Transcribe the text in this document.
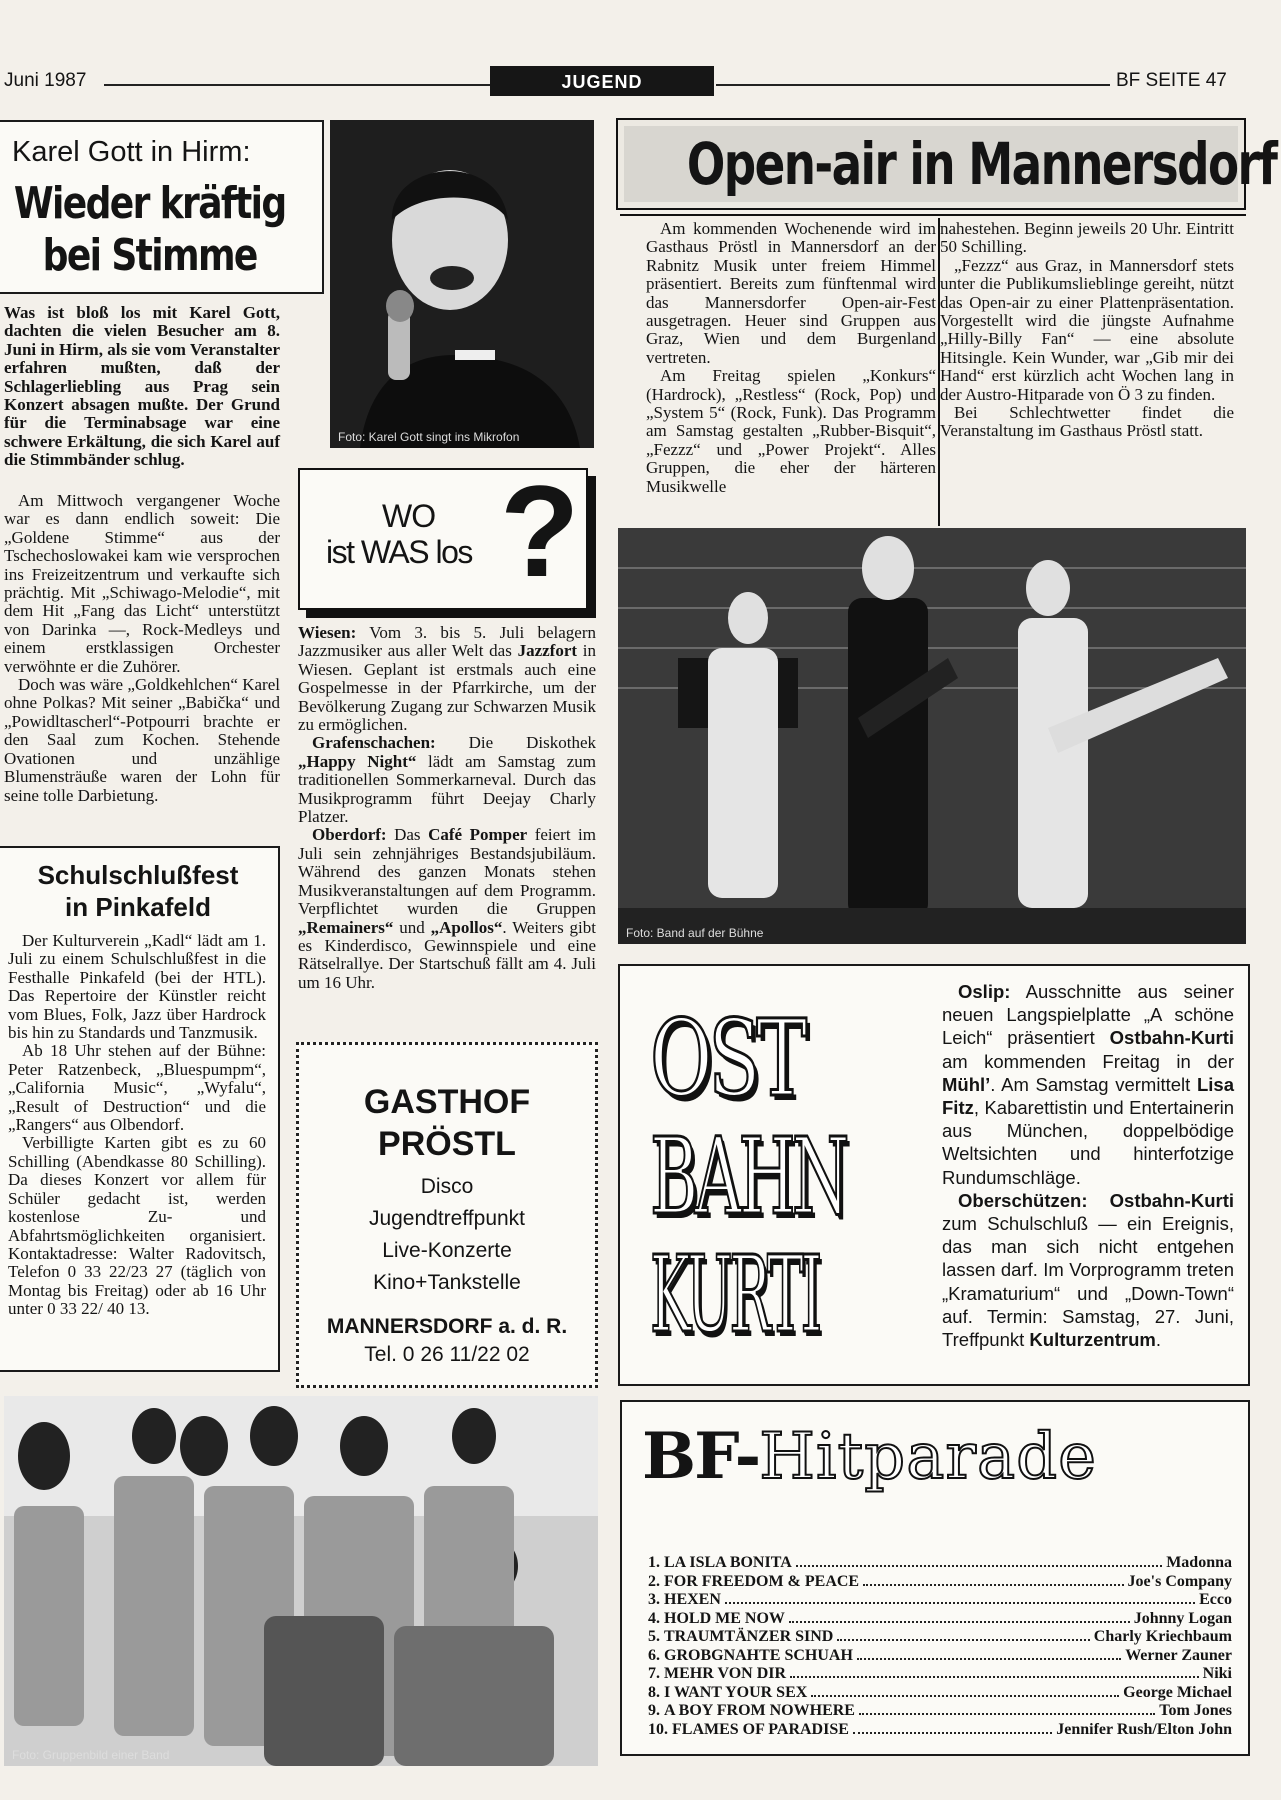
Juni 1987	JUGEND	BF SEITE 47
Karel Gott in Hirm:
Wieder kräftig bei Stimme
Foto: Karel Gott singt ins Mikrofon
Was ist bloß los mit Karel Gott, dachten die vielen Besucher am 8. Juni in Hirm, als sie vom Veranstalter erfahren mußten, daß der Schlagerliebling aus Prag sein Konzert absagen mußte. Der Grund für die Terminabsage war eine schwere Erkältung, die sich Karel auf die Stimmbänder schlug.

Am Mittwoch vergangener Woche war es dann endlich soweit: Die „Goldene Stimme“ aus der Tschechoslowakei kam wie versprochen ins Freizeitzentrum und verkaufte sich prächtig. Mit „Schiwago-Melodie“, mit dem Hit „Fang das Licht“ unterstützt von Darinka —, Rock-Medleys und einem erstklassigen Orchester verwöhnte er die Zuhörer.

Doch was wäre „Goldkehlchen“ Karel ohne Polkas? Mit seiner „Babička“ und „Powidltascherl“-Potpourri brachte er den Saal zum Kochen. Stehende Ovationen und unzählige Blumensträuße waren der Lohn für seine tolle Darbietung.

WO
ist WAS los ?

Wiesen: Vom 3. bis 5. Juli belagern Jazzmusiker aus aller Welt das Jazzfort in Wiesen. Geplant ist erstmals auch eine Gospelmesse in der Pfarrkirche, um der Bevölkerung Zugang zur Schwarzen Musik zu ermöglichen.

Grafenschachen: Die Diskothek „Happy Night“ lädt am Samstag zum traditionellen Sommerkarneval. Durch das Musikprogramm führt Deejay Charly Platzer.

Oberdorf: Das Café Pomper feiert im Juli sein zehnjähriges Bestandsjubiläum. Während des ganzen Monats stehen Musikveranstaltungen auf dem Programm. Verpflichtet wurden die Gruppen „Remainers“ und „Apollos“. Weiters gibt es Kinderdisco, Gewinnspiele und eine Rätselrallye. Der Startschuß fällt am 4. Juli um 16 Uhr.

GASTHOF
PRÖSTL
Disco
Jugendtreffpunkt
Live-Konzerte
Kino+Tankstelle
MANNERSDORF a. d. R.
Tel. 0 26 11/22 02
Schulschlußfest
in Pinkafeld

Der Kulturverein „Kadl“ lädt am 1. Juli zu einem Schulschlußfest in die Festhalle Pinkafeld (bei der HTL). Das Repertoire der Künstler reicht vom Blues, Folk, Jazz über Hardrock bis hin zu Standards und Tanzmusik.

Ab 18 Uhr stehen auf der Bühne: Peter Ratzenbeck, „Bluespumpm“, „California Music“, „Wyfalu“, „Result of Destruction“ und die „Rangers“ aus Olbendorf.

Verbilligte Karten gibt es zu 60 Schilling (Abendkasse 80 Schilling). Da dieses Konzert vor allem für Schüler gedacht ist, werden kostenlose Zu- und Abfahrtsmöglichkeiten organisiert. Kontaktadresse: Walter Radovitsch, Telefon 0 33 22/23 27 (täglich von Montag bis Freitag) oder ab 16 Uhr unter 0 33 22/ 40 13.

Foto: Gruppenbild einer Band
Open-air in Mannersdorf

Am kommenden Wochenende wird im Gasthaus Pröstl in Mannersdorf an der Rabnitz Musik unter freiem Himmel präsentiert. Bereits zum fünftenmal wird das Mannersdorfer Open-air-Fest ausgetragen. Heuer sind Gruppen aus Graz, Wien und dem Burgenland vertreten.

Am Freitag spielen „Konkurs“ (Hardrock), „Restless“ (Rock, Pop) und „System 5“ (Rock, Funk). Das Programm am Samstag gestalten „Rubber-Bisquit“, „Fezzz“ und „Power Projekt“. Alles Gruppen, die eher der härteren Musikwelle

nahestehen. Beginn jeweils 20 Uhr. Eintritt 50 Schilling.

„Fezzz“ aus Graz, in Mannersdorf stets unter die Publikumslieblinge gereiht, nützt das Open-air zu einer Plattenpräsentation. Vorgestellt wird die jüngste Aufnahme „Hilly-Billy Fan“ — eine absolute Hitsingle. Kein Wunder, war „Gib mir dei Hand“ erst kürzlich acht Wochen lang in der Austro-Hitparade von Ö 3 zu finden.

Bei Schlechtwetter findet die Veranstaltung im Gasthaus Pröstl statt.

Foto: Band auf der Bühne
OST
BAHN
KURTI

Oslip: Ausschnitte aus seiner neuen Langspielplatte „A schöne Leich“ präsentiert Ostbahn-Kurti am kommenden Freitag in der Mühl’. Am Samstag vermittelt Lisa Fitz, Kabarettistin und Entertainerin aus München, doppelbödige Weltsichten und hinterfotzige Rundumschläge.

Oberschützen: Ostbahn-Kurti zum Schulschluß — ein Ereignis, das man sich nicht entgehen lassen darf. Im Vorprogramm treten „Kramaturium“ und „Down-Town“ auf. Termin: Samstag, 27. Juni, Treffpunkt Kulturzentrum.

BF-Hitparade
1. LA ISLA BONITA	Madonna
2. FOR FREEDOM & PEACE	Joe's Company
3. HEXEN	Ecco
4. HOLD ME NOW	Johnny Logan
5. TRAUMTÄNZER SIND	Charly Kriechbaum
6. GROBGNAHTE SCHUAH	Werner Zauner
7. MEHR VON DIR	Niki
8. I WANT YOUR SEX	George Michael
9. A BOY FROM NOWHERE	Tom Jones
10. FLAMES OF PARADISE	Jennifer Rush/Elton John
